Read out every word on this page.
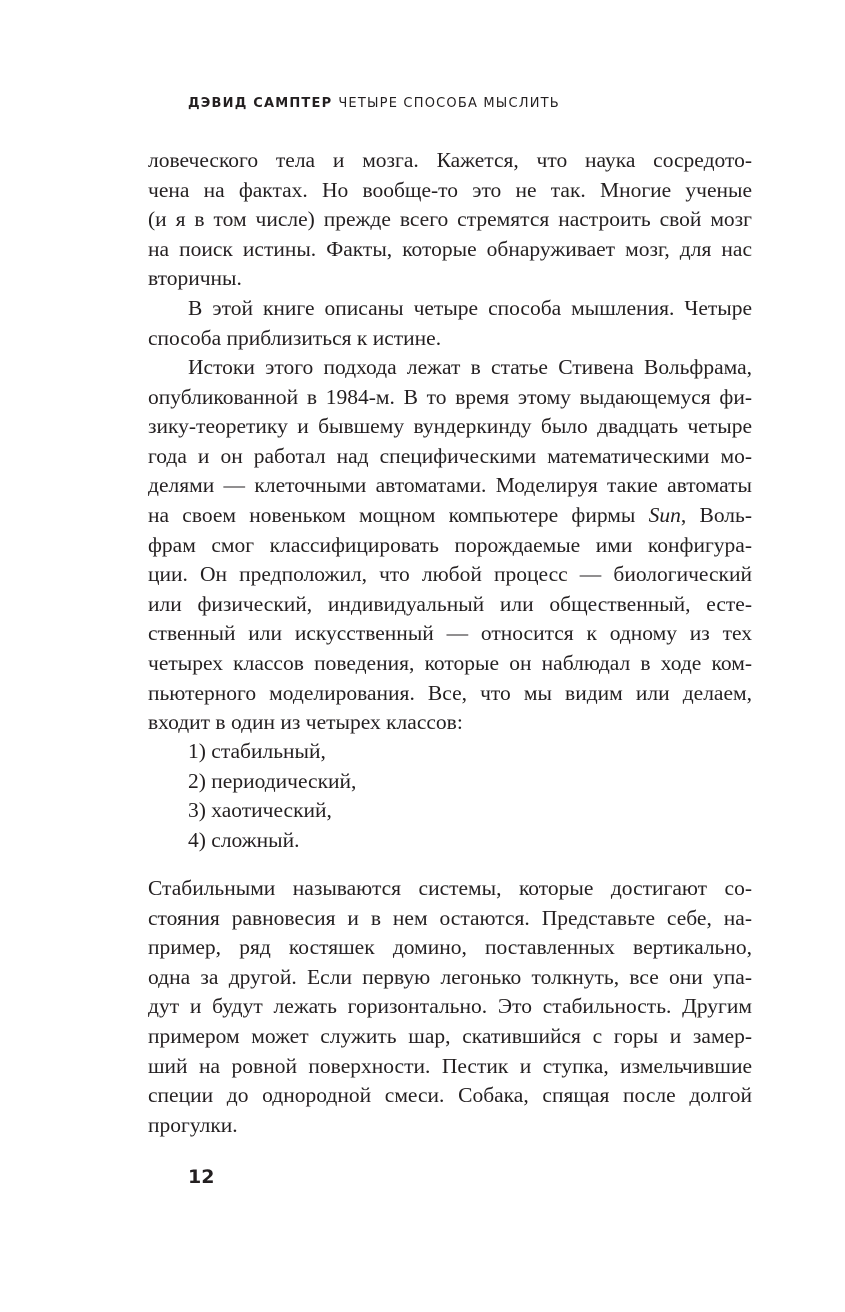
ДЭВИД САМПТЕР ЧЕТЫРЕ СПОСОБА МЫСЛИТЬ
ловеческого тела и мозга. Кажется, что наука сосредото-
чена на фактах. Но вообще-то это не так. Многие ученые
(и я в том числе) прежде всего стремятся настроить свой мозг
на поиск истины. Факты, которые обнаруживает мозг, для нас
вторичны.
В этой книге описаны четыре способа мышления. Четыре
способа приблизиться к истине.
Истоки этого подхода лежат в статье Стивена Вольфрама,
опубликованной в 1984-м. В то время этому выдающемуся фи-
зику-теоретику и бывшему вундеркинду было двадцать четыре
года и он работал над специфическими математическими мо-
делями — клеточными автоматами. Моделируя такие автоматы
на своем новеньком мощном компьютере фирмы Sun, Воль-
фрам смог классифицировать порождаемые ими конфигура-
ции. Он предположил, что любой процесс — биологический
или физический, индивидуальный или общественный, есте-
ственный или искусственный — относится к одному из тех
четырех классов поведения, которые он наблюдал в ходе ком-
пьютерного моделирования. Все, что мы видим или делаем,
входит в один из четырех классов:
1) стабильный,
2) периодический,
3) хаотический,
4) сложный.
Стабильными называются системы, которые достигают со-
стояния равновесия и в нем остаются. Представьте себе, на-
пример, ряд костяшек домино, поставленных вертикально,
одна за другой. Если первую легонько толкнуть, все они упа-
дут и будут лежать горизонтально. Это стабильность. Другим
примером может служить шар, скатившийся с горы и замер-
ший на ровной поверхности. Пестик и ступка, измельчившие
специи до однородной смеси. Собака, спящая после долгой
прогулки.
12
